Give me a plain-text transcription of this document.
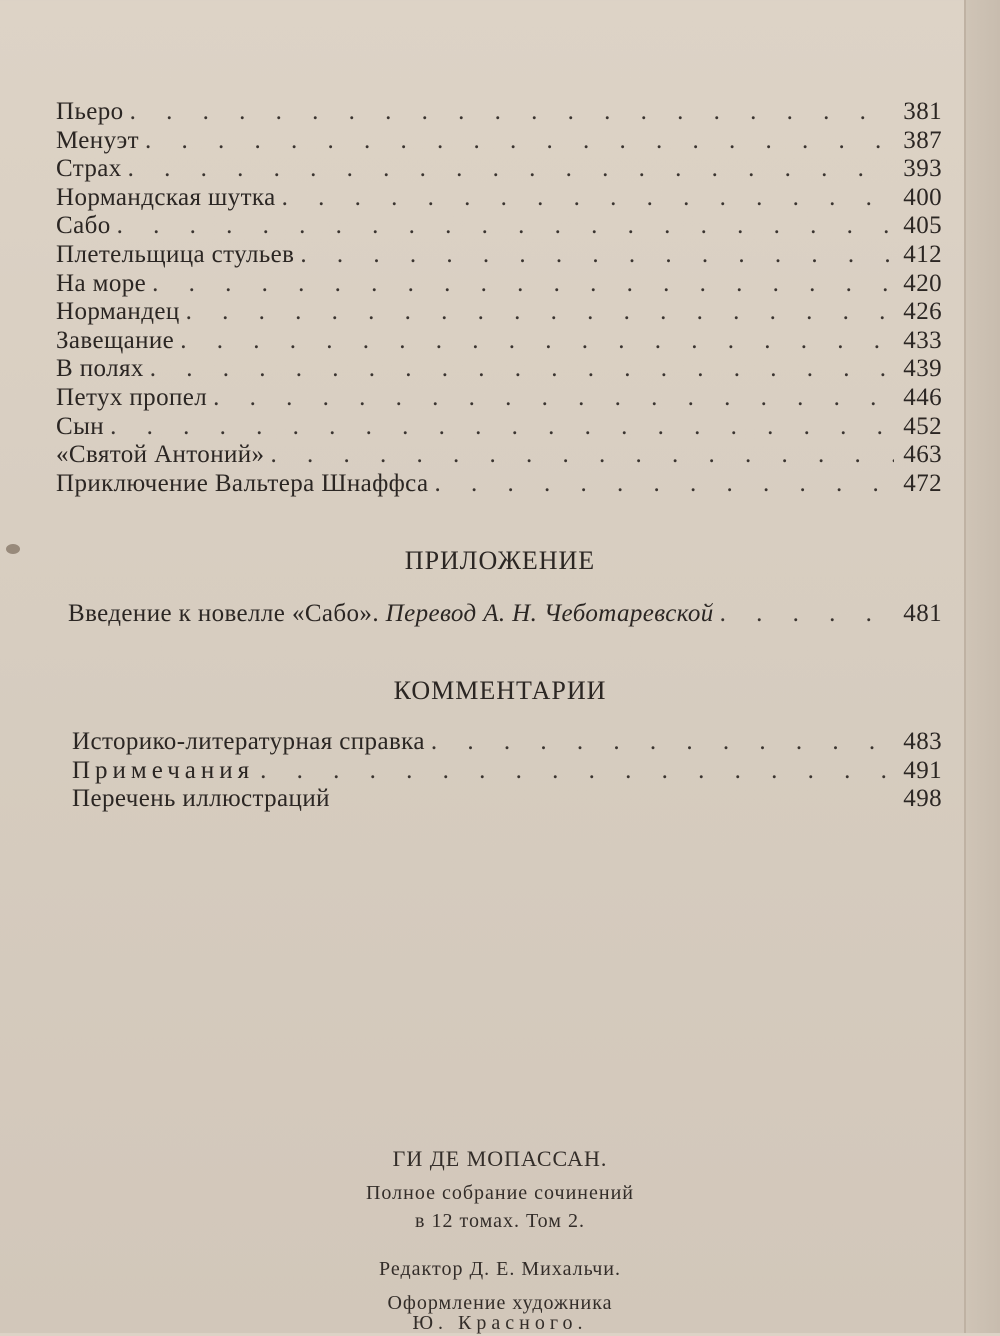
Пьеро . . .	381
Менуэт . . .	387
Страх . . .	393
Нормандская шутка . . .	400
Сабо . . .	405
Плетельщица стульев . . .	412
На море . . .	420
Нормандец . . .	426
Завещание . . .	433
В полях . . .	439
Петух пропел . . .	446
Сын . . .	452
«Святой Антоний» . . .	463
Приключение Вальтера Шнаффса . . .	472
ПРИЛОЖЕНИЕ
Введение к новелле «Сабо». Перевод А. Н. Чеботаревской . . .	481
КОММЕНТАРИИ
Историко-литературная справка . . .	483
Примечания . . .	491
Перечень иллюстраций	498
ГИ ДЕ МОПАССАН.
Полное собрание сочинений
в 12 томах. Том 2.
Редактор Д. Е. Михальчи.
Оформление художника
Ю. Красного.
